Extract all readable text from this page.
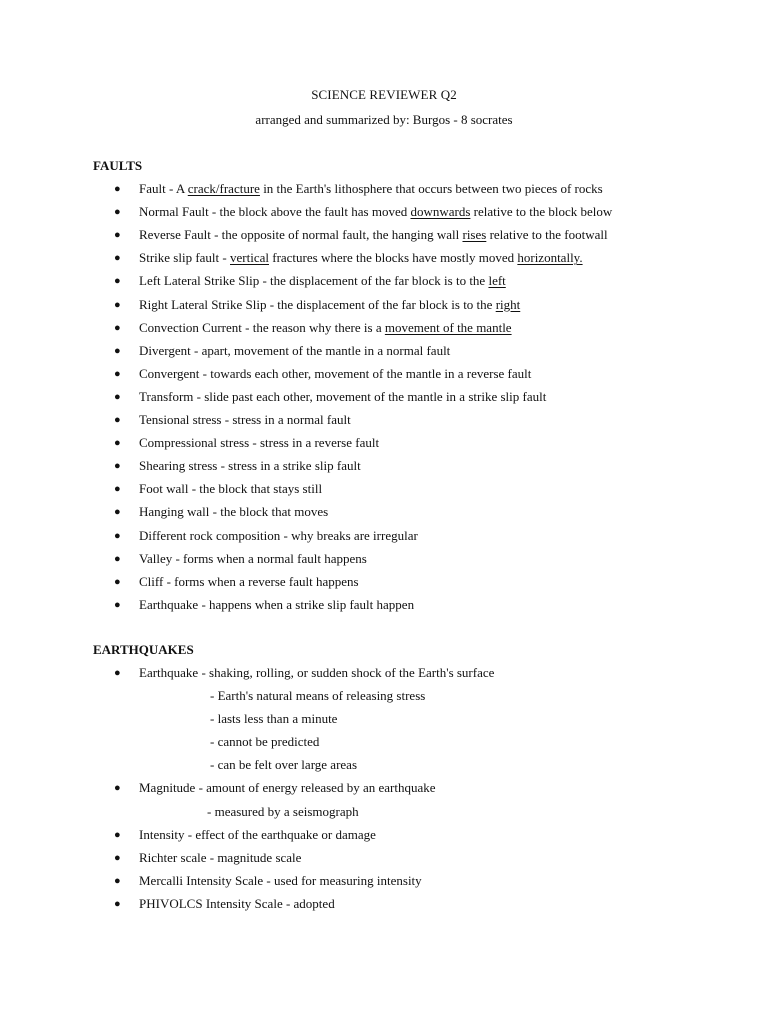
SCIENCE REVIEWER Q2
arranged and summarized by: Burgos - 8 socrates
FAULTS
● Fault - A crack/fracture in the Earth's lithosphere that occurs between two pieces of rocks
● Normal Fault - the block above the fault has moved downwards relative to the block below
● Reverse Fault - the opposite of normal fault, the hanging wall rises relative to the footwall
● Strike slip fault - vertical fractures where the blocks have mostly moved horizontally.
● Left Lateral Strike Slip - the displacement of the far block is to the left
● Right Lateral Strike Slip - the displacement of the far block is to the right
● Convection Current - the reason why there is a movement of the mantle
● Divergent - apart, movement of the mantle in a normal fault
● Convergent - towards each other, movement of the mantle in a reverse fault
● Transform - slide past each other, movement of the mantle in a strike slip fault
● Tensional stress - stress in a normal fault
● Compressional stress - stress in a reverse fault
● Shearing stress - stress in a strike slip fault
● Foot wall - the block that stays still
● Hanging wall - the block that moves
● Different rock composition - why breaks are irregular
● Valley - forms when a normal fault happens
● Cliff - forms when a reverse fault happens
● Earthquake - happens when a strike slip fault happen
EARTHQUAKES
● Earthquake - shaking, rolling, or sudden shock of the Earth's surface
- Earth's natural means of releasing stress
- lasts less than a minute
- cannot be predicted
- can be felt over large areas
● Magnitude - amount of energy released by an earthquake
- measured by a seismograph
● Intensity - effect of the earthquake or damage
● Richter scale - magnitude scale
● Mercalli Intensity Scale - used for measuring intensity
● PHIVOLCS Intensity Scale - adopted
